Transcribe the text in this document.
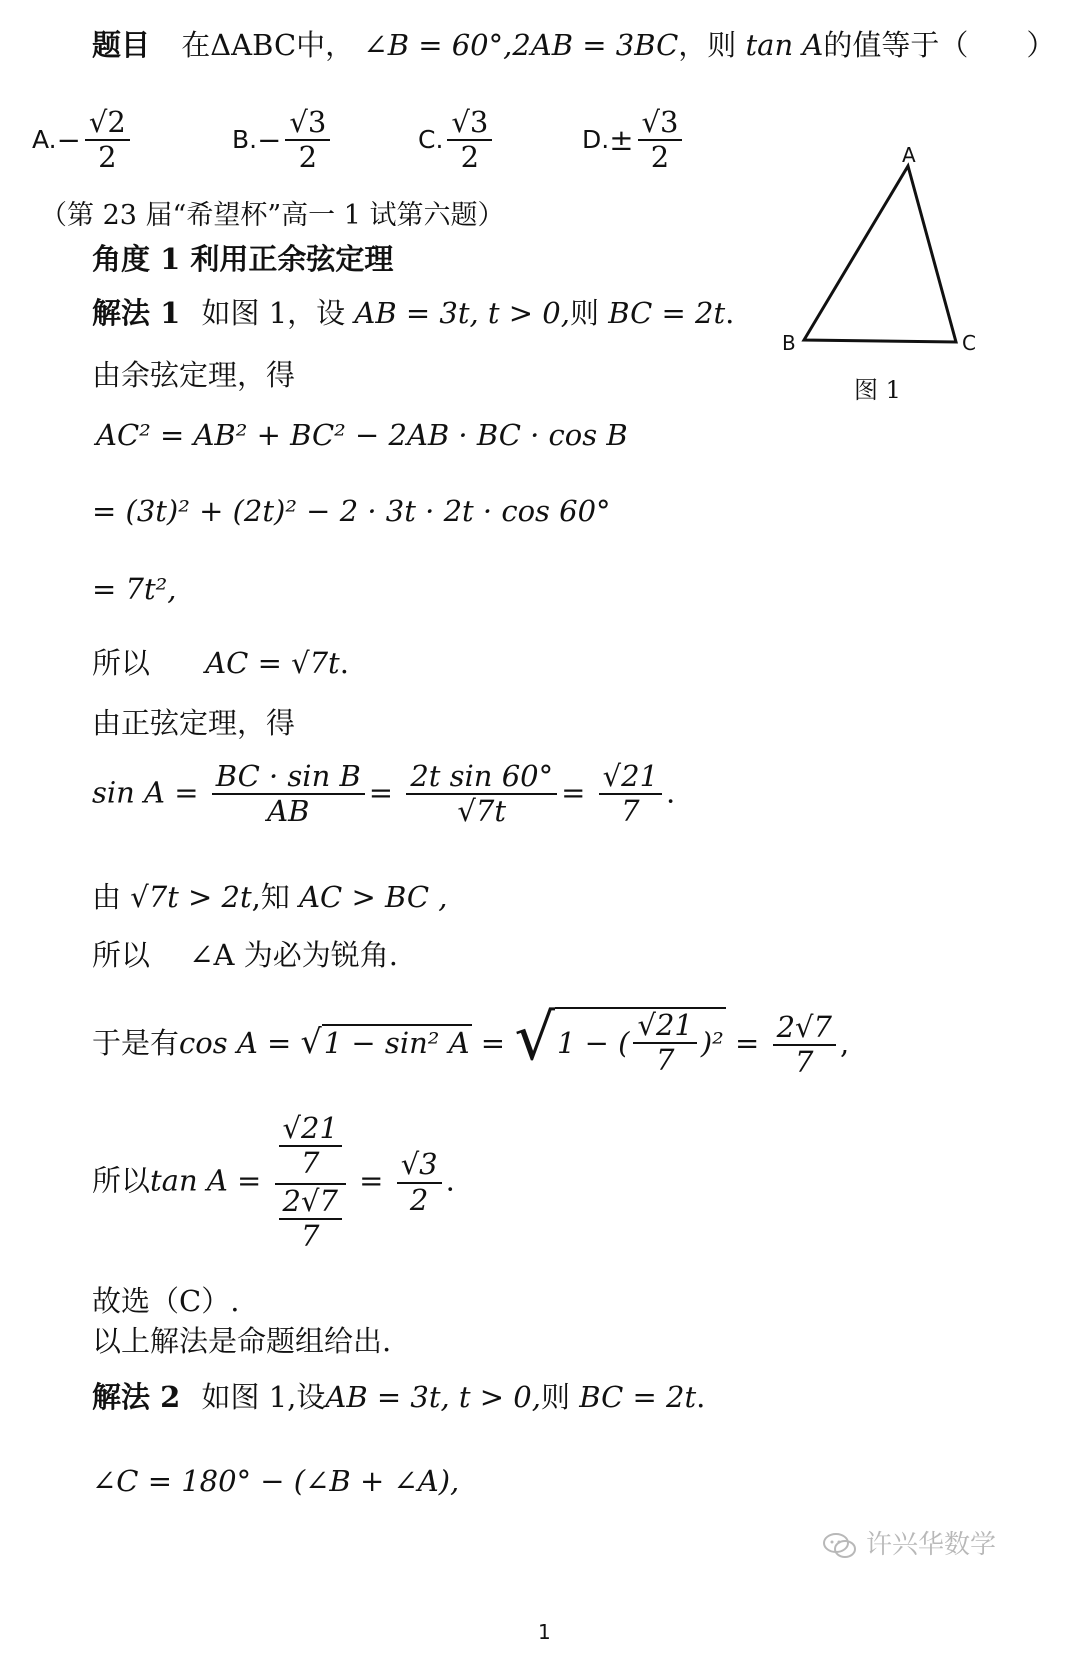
题目 在ΔABC中， ∠B = 60°,2AB = 3BC，则 tan A的值等于（　　）
A. − $\frac{√2}{2}$	B. − $\frac{√3}{2}$	C. $\frac{√3}{2}$	D. ± $\frac{√3}{2}$
（第 23 届“希望杯”高一 1 试第六题）
角度 1 利用正余弦定理
解法 1 如图 1，设 AB = 3t, t > 0,则 BC = 2t.
由余弦定理，得
AC² = AB² + BC² − 2AB · BC · cos B
= (3t)² + (2t)² − 2 · 3t · 2t · cos 60°
= 7t²,
所以 AC = √7t.
由正弦定理，得
$\sin A = \frac{\text{BC · sin B}}{AB} = \frac{\text{2t sin 60°}}{√7t} = \frac{√21}{7}$ .
由 √7t > 2t,知 AC > BC ,
所以 ∠A 为必为锐角.
于是有cos A = √1 − sin² A = √ 1 − ( $\frac{√21}{7} )^2 = \frac{2√7}{7}$ ,
所以$\tan A = \frac{\frac{√21}{7}}{\frac{2√7}{7}} = \frac{√3}{2}$ .
故选（C）.
以上解法是命题组给出.
解法 2 如图 1,设AB = 3t, t > 0,则 BC = 2t.
∠C = 180° − (∠B + ∠A),
A
B	C
图 1
许兴华数学
1
